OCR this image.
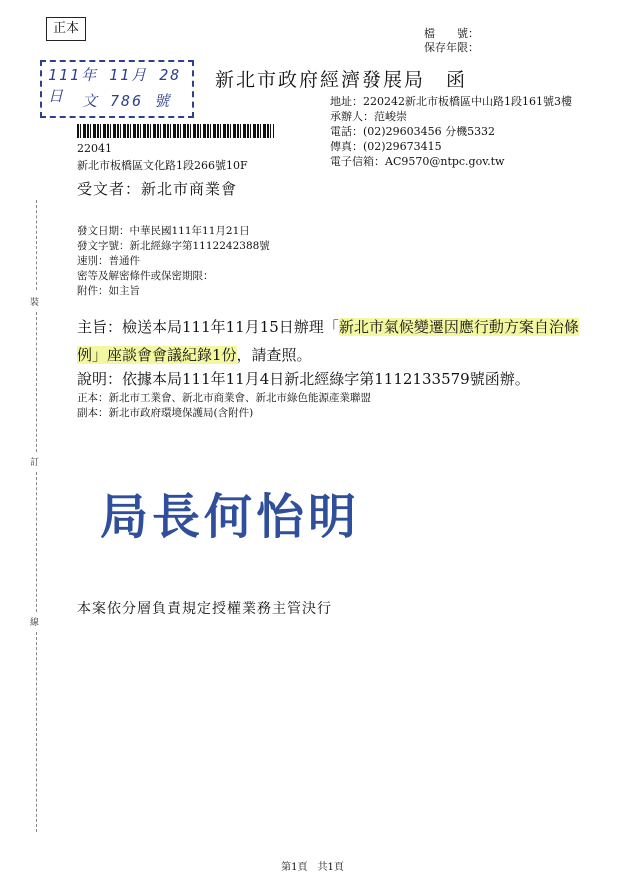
正本	檔　　號：
保存年限：
111年 11月 28日	文 786 號
新北市政府經濟發展局　函
地址：220242新北市板橋區中山路1段161號3樓
承辦人：范峻崇
電話：(02)29603456 分機5332
傳真：(02)29673415
電子信箱：AC9570@ntpc.gov.tw
22041
新北市板橋區文化路1段266號10F
受文者：新北市商業會
發文日期：中華民國111年11月21日
發文字號：新北經綠字第1112242388號
速別：普通件
密等及解密條件或保密期限：
附件：如主旨
主旨：檢送本局111年11月15日辦理「新北市氣候變遷因應行動方案自治條例」座談會會議紀錄1份，請查照。
說明：依據本局111年11月4日新北經綠字第1112133579號函辦。
正本：新北市工業會、新北市商業會、新北市綠色能源產業聯盟
副本：新北市政府環境保護局(含附件)
裝
訂
線
局長何怡明
本案依分層負責規定授權業務主管決行
第1頁　共1頁
